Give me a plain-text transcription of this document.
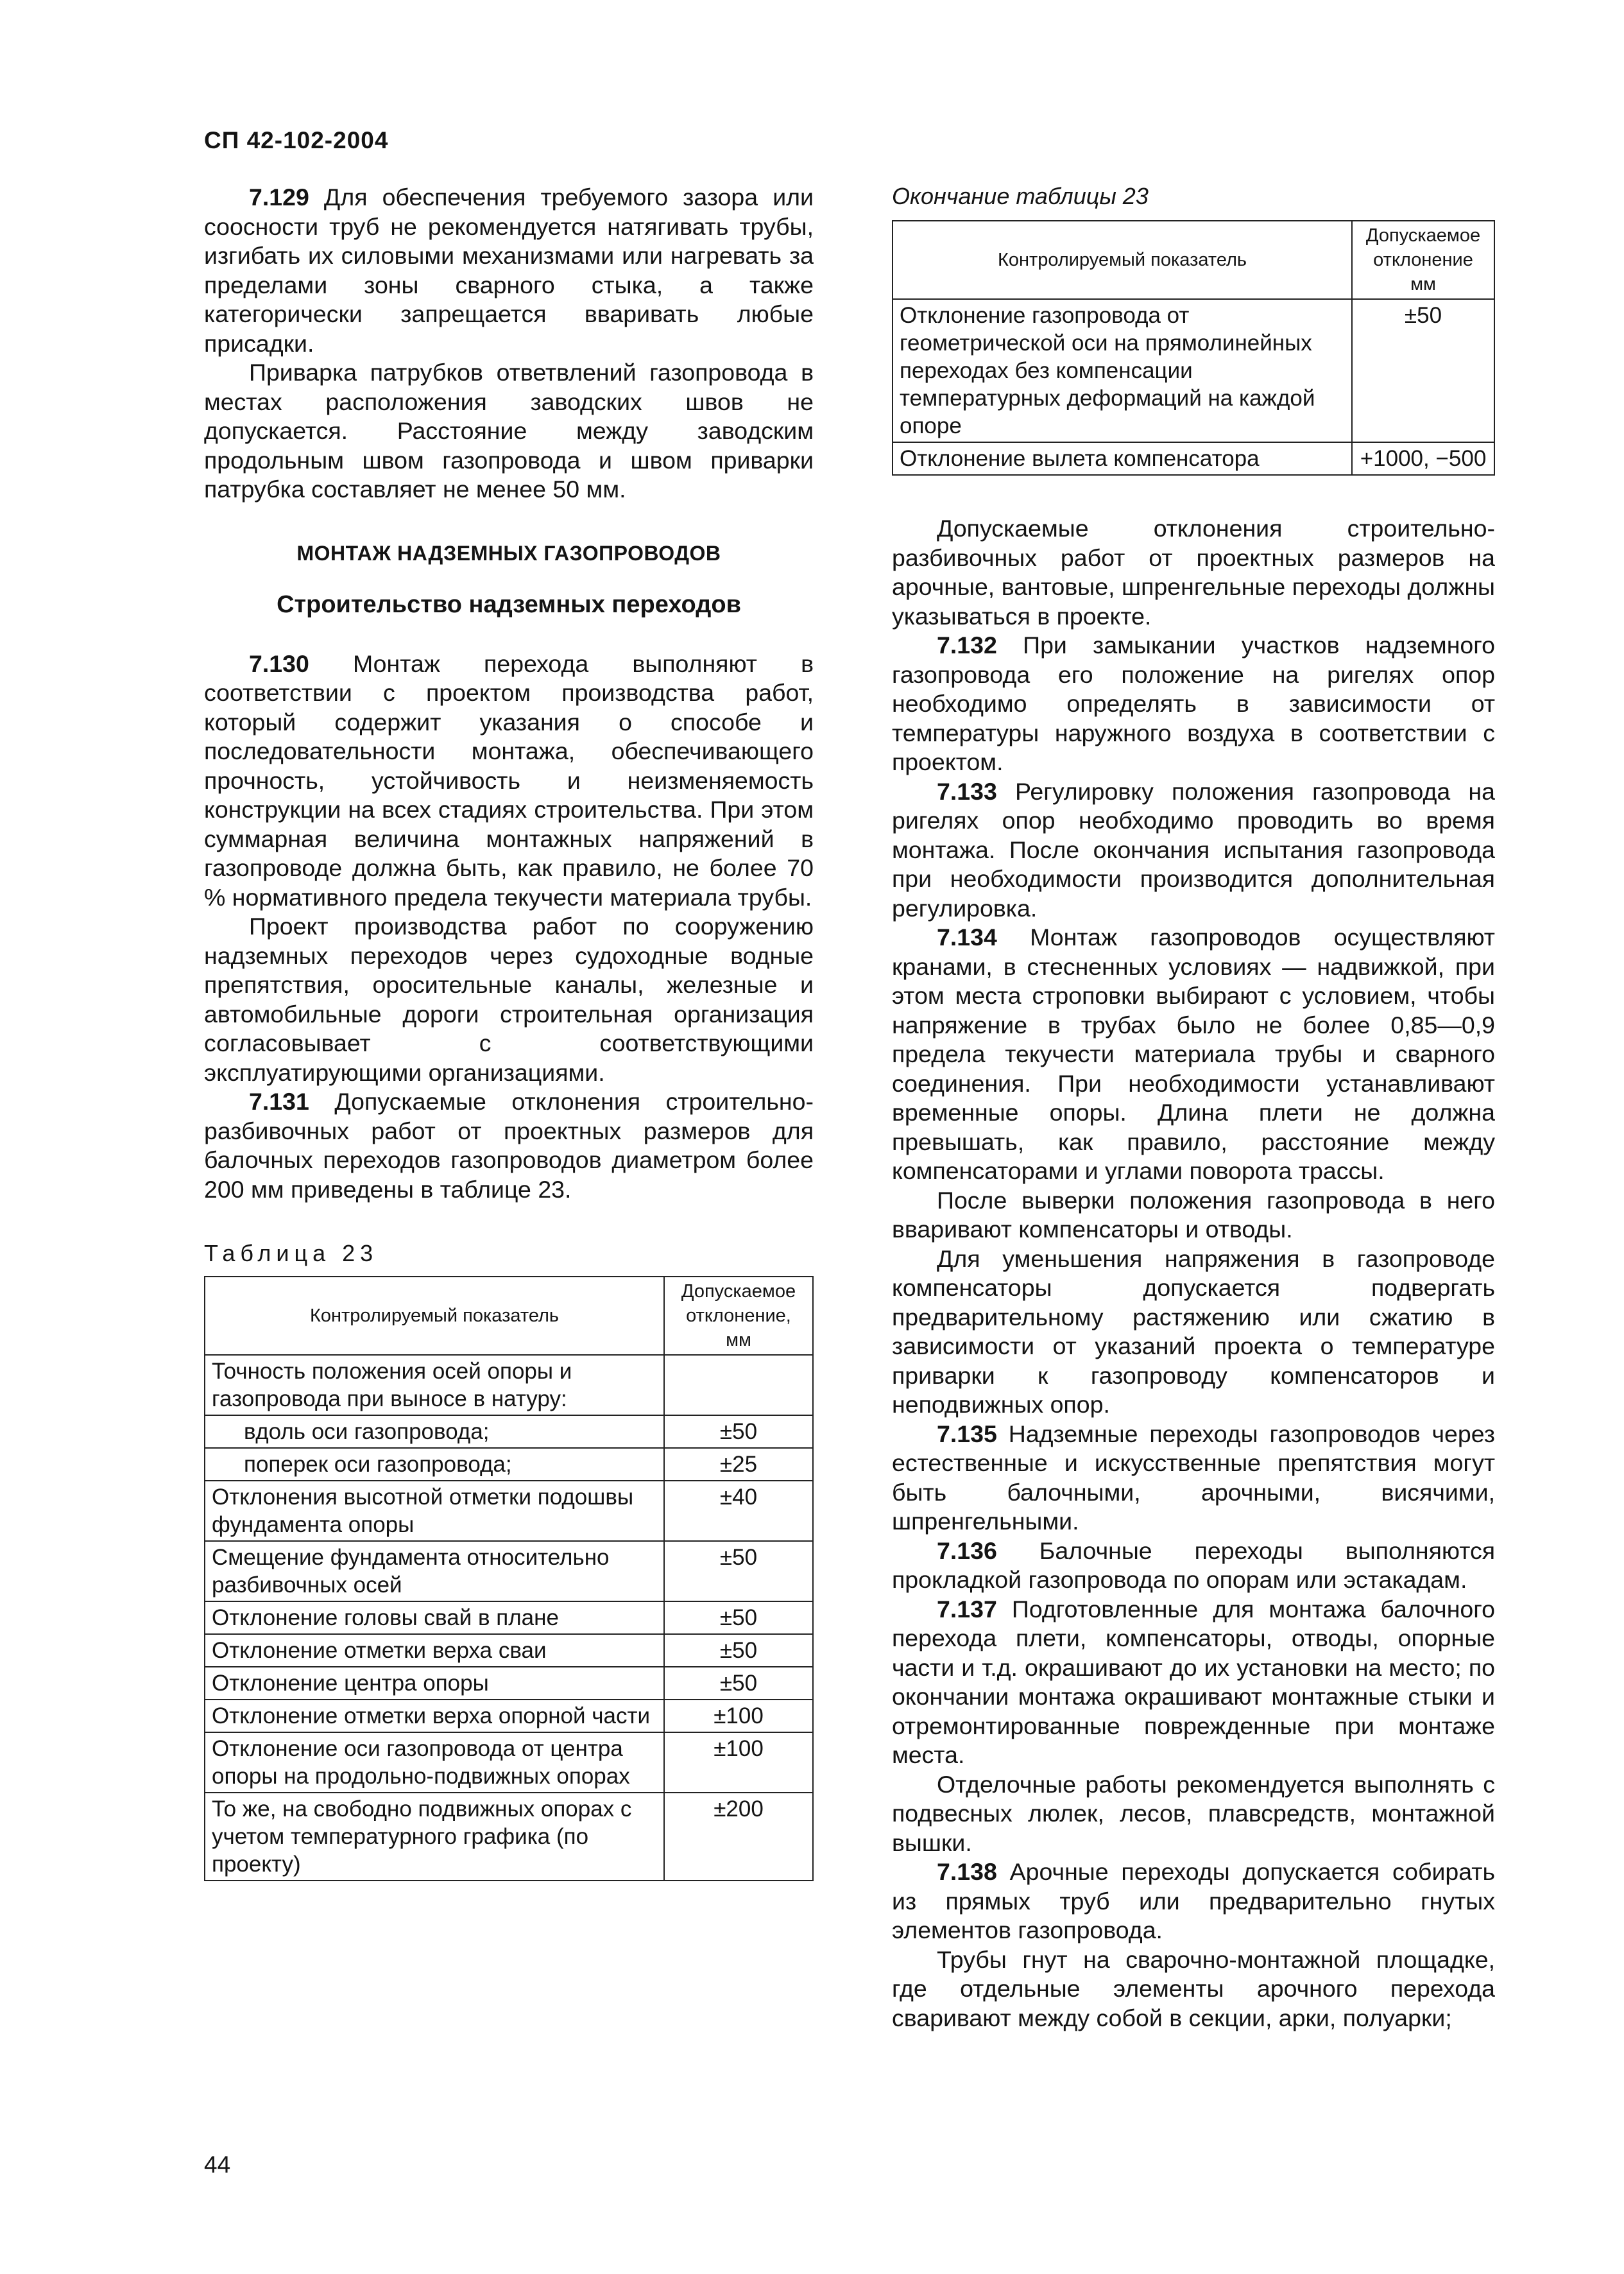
СП 42-102-2004

7.129 Для обеспечения требуемого зазора или соосности труб не рекомендуется натягивать трубы, изгибать их силовыми механизмами или нагревать за пределами зоны сварного стыка, а также категорически запрещается вваривать любые присадки.

Приварка патрубков ответвлений газопровода в местах расположения заводских швов не допускается. Расстояние между заводским продольным швом газопровода и швом приварки патрубка составляет не менее 50 мм.

МОНТАЖ НАДЗЕМНЫХ ГАЗОПРОВОДОВ
Строительство надземных переходов

7.130 Монтаж перехода выполняют в соответствии с проектом производства работ, который содержит указания о способе и последовательности монтажа, обеспечивающего прочность, устойчивость и неизменяемость конструкции на всех стадиях строительства. При этом суммарная величина монтажных напряжений в газопроводе должна быть, как правило, не более 70 % нормативного предела текучести материала трубы.

Проект производства работ по сооружению надземных переходов через судоходные водные препятствия, оросительные каналы, железные и автомобильные дороги строительная организация согласовывает с соответствующими эксплуатирующими организациями.

7.131 Допускаемые отклонения строительно-разбивочных работ от проектных размеров для балочных переходов газопроводов диаметром более 200 мм приведены в таблице 23.

Таблица 23
Контролируемый показатель	Допускаемое отклонение, мм
Точность положения осей опоры и газопровода при выносе в натуру:	
вдоль оси газопровода;	±50
поперек оси газопровода;	±25
Отклонения высотной отметки подошвы фундамента опоры	±40
Смещение фундамента относительно разбивочных осей	±50
Отклонение головы свай в плане	±50
Отклонение отметки верха сваи	±50
Отклонение центра опоры	±50
Отклонение отметки верха опорной части	±100
Отклонение оси газопровода от центра опоры на продольно-подвижных опорах	±100
То же, на свободно подвижных опорах с учетом температурного графика (по проекту)	±200
Окончание таблицы 23
Контролируемый показатель	Допускаемое отклонение мм
Отклонение газопровода от геометрической оси на прямолинейных переходах без компенсации температурных деформаций на каждой опоре	±50
Отклонение вылета компенсатора	+1000, −500

Допускаемые отклонения строительно-разбивочных работ от проектных размеров на арочные, вантовые, шпренгельные переходы должны указываться в проекте.

7.132 При замыкании участков надземного газопровода его положение на ригелях опор необходимо определять в зависимости от температуры наружного воздуха в соответствии с проектом.

7.133 Регулировку положения газопровода на ригелях опор необходимо проводить во время монтажа. После окончания испытания газопровода при необходимости производится дополнительная регулировка.

7.134 Монтаж газопроводов осуществляют кранами, в стесненных условиях — надвижкой, при этом места строповки выбирают с условием, чтобы напряжение в трубах было не более 0,85—0,9 предела текучести материала трубы и сварного соединения. При необходимости устанавливают временные опоры. Длина плети не должна превышать, как правило, расстояние между компенсаторами и углами поворота трассы.

После выверки положения газопровода в него вваривают компенсаторы и отводы.

Для уменьшения напряжения в газопроводе компенсаторы допускается подвергать предварительному растяжению или сжатию в зависимости от указаний проекта о температуре приварки к газопроводу компенсаторов и неподвижных опор.

7.135 Надземные переходы газопроводов через естественные и искусственные препятствия могут быть балочными, арочными, висячими, шпренгельными.

7.136 Балочные переходы выполняются прокладкой газопровода по опорам или эстакадам.

7.137 Подготовленные для монтажа балочного перехода плети, компенсаторы, отводы, опорные части и т.д. окрашивают до их установки на место; по окончании монтажа окрашивают монтажные стыки и отремонтированные поврежденные при монтаже места.

Отделочные работы рекомендуется выполнять с подвесных люлек, лесов, плавсредств, монтажной вышки.

7.138 Арочные переходы допускается собирать из прямых труб или предварительно гнутых элементов газопровода.

Трубы гнут на сварочно-монтажной площадке, где отдельные элементы арочного перехода сваривают между собой в секции, арки, полуарки;

44
